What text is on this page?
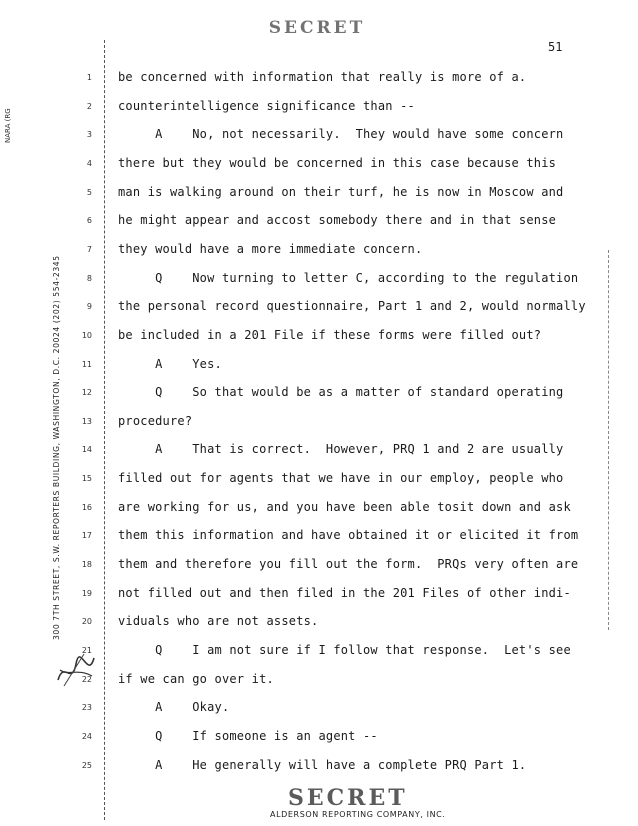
SECRET
51
NARA (RG
300 7TH STREET, S.W. REPORTERS BUILDING, WASHINGTON, D.C. 20024 (202) 554-2345
1 be concerned with information that really is more of a.
2 counterintelligence significance than --
3 A    No, not necessarily.  They would have some concern
4 there but they would be concerned in this case because this
5 man is walking around on their turf, he is now in Moscow and
6 he might appear and accost somebody there and in that sense
7 they would have a more immediate concern.
8 Q    Now turning to letter C, according to the regulation
9 the personal record questionnaire, Part 1 and 2, would normally
10 be included in a 201 File if these forms were filled out?
11 A    Yes.
12 Q    So that would be as a matter of standard operating
13 procedure?
14 A    That is correct.  However, PRQ 1 and 2 are usually
15 filled out for agents that we have in our employ, people who
16 are working for us, and you have been able tosit down and ask
17 them this information and have obtained it or elicited it from
18 them and therefore you fill out the form.  PRQs very often are
19 not filled out and then filed in the 201 Files of other indi-
20 viduals who are not assets.
21 Q    I am not sure if I follow that response.  Let's see
22 if we can go over it.
23 A    Okay.
24 Q    If someone is an agent --
25 A    He generally will have a complete PRQ Part 1.
SECRET
ALDERSON REPORTING COMPANY, INC.
